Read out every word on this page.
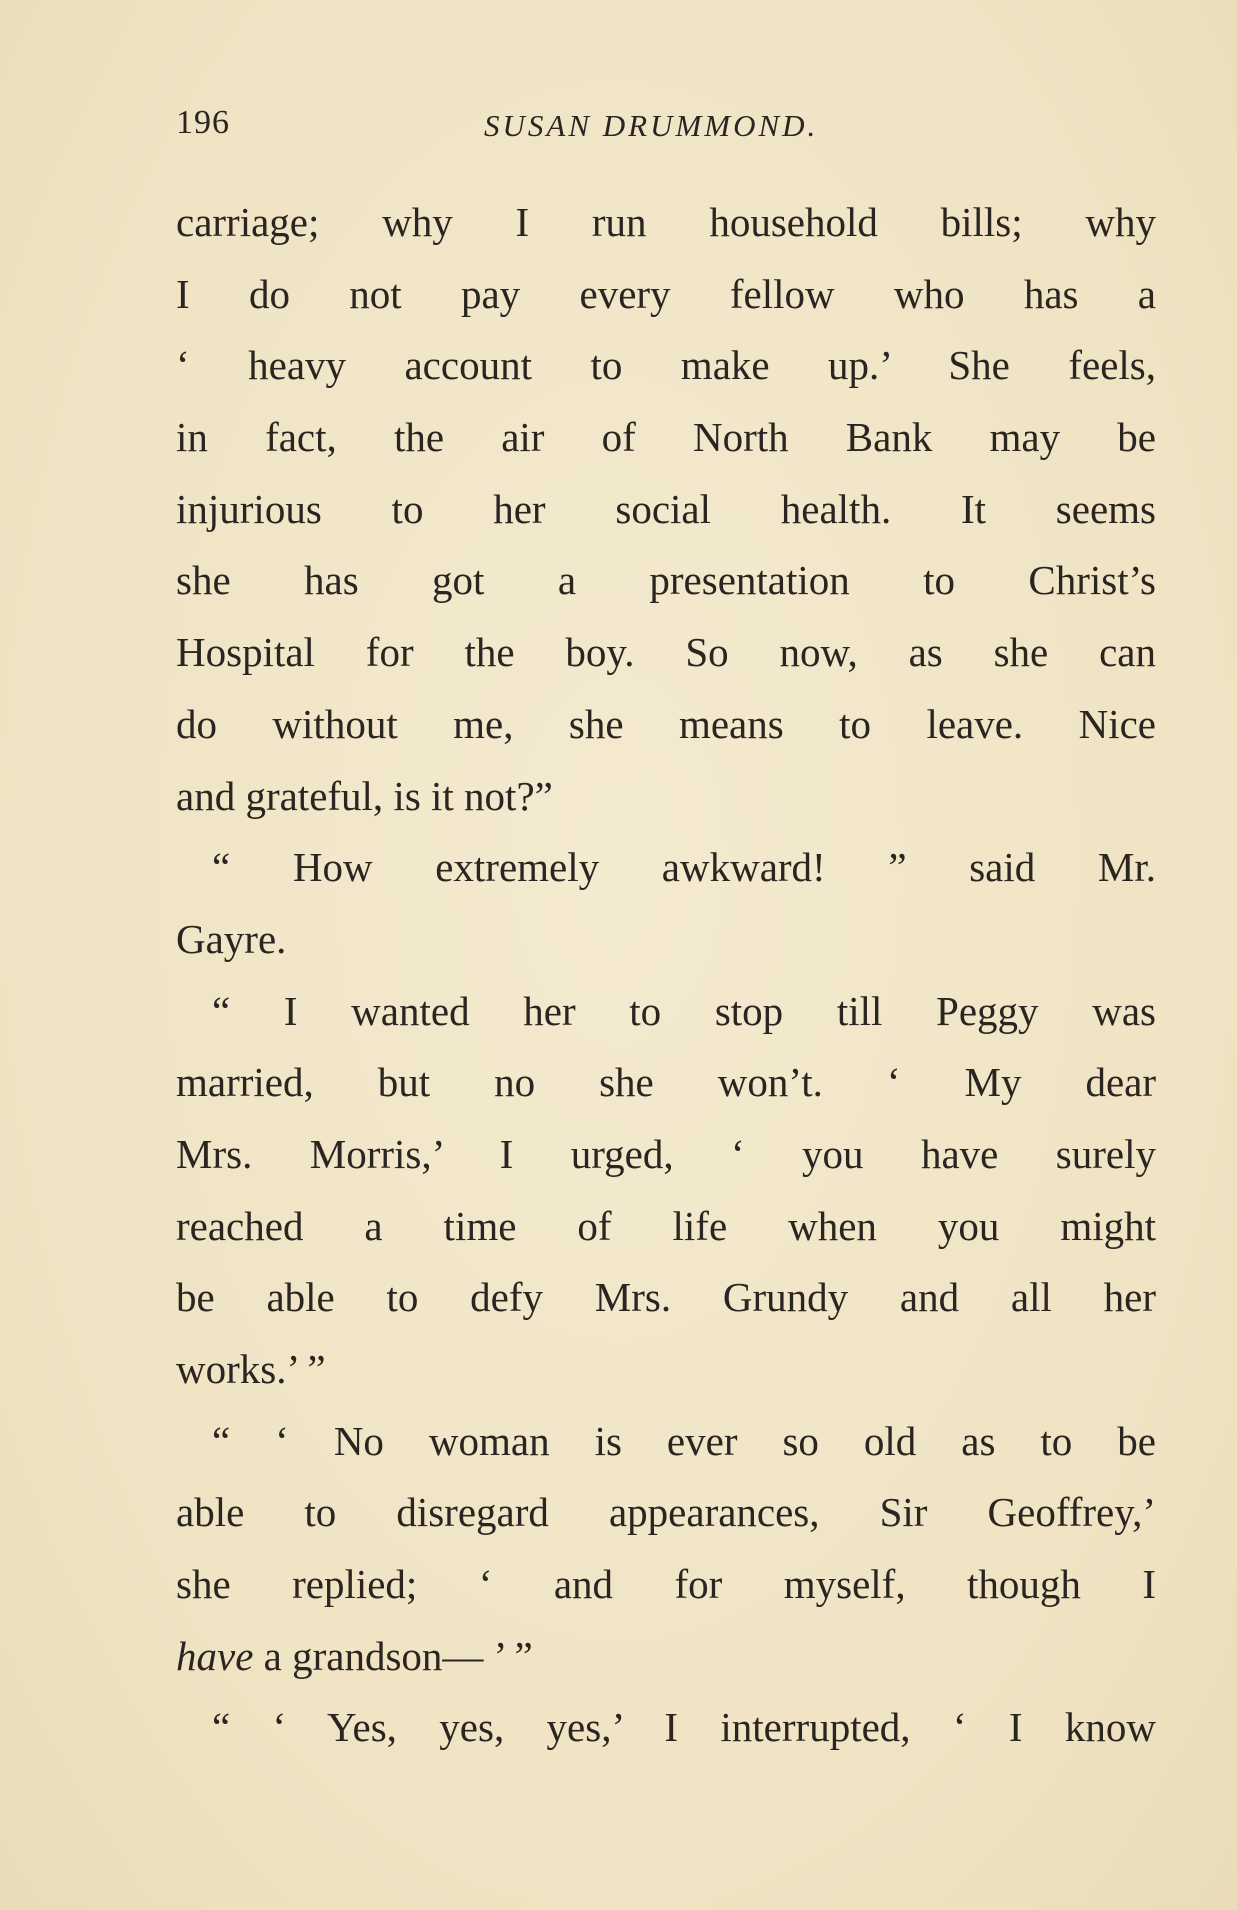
196	SUSAN DRUMMOND.
carriage; why I run household bills; why
I do not pay every fellow who has a
‘ heavy account to make up.’ She feels,
in fact, the air of North Bank may be
injurious to her social health. It seems
she has got a presentation to Christ’s
Hospital for the boy. So now, as she can
do without me, she means to leave. Nice
and grateful, is it not?”
“ How extremely awkward! ” said Mr.
Gayre.
“ I wanted her to stop till Peggy was
married, but no she won’t. ‘ My dear
Mrs. Morris,’ I urged, ‘ you have surely
reached a time of life when you might
be able to defy Mrs. Grundy and all her
works.’ ”
“ ‘ No woman is ever so old as to be
able to disregard appearances, Sir Geoffrey,’
she replied; ‘ and for myself, though I
have a grandson— ’ ”
“ ‘ Yes, yes, yes,’ I interrupted, ‘ I know
